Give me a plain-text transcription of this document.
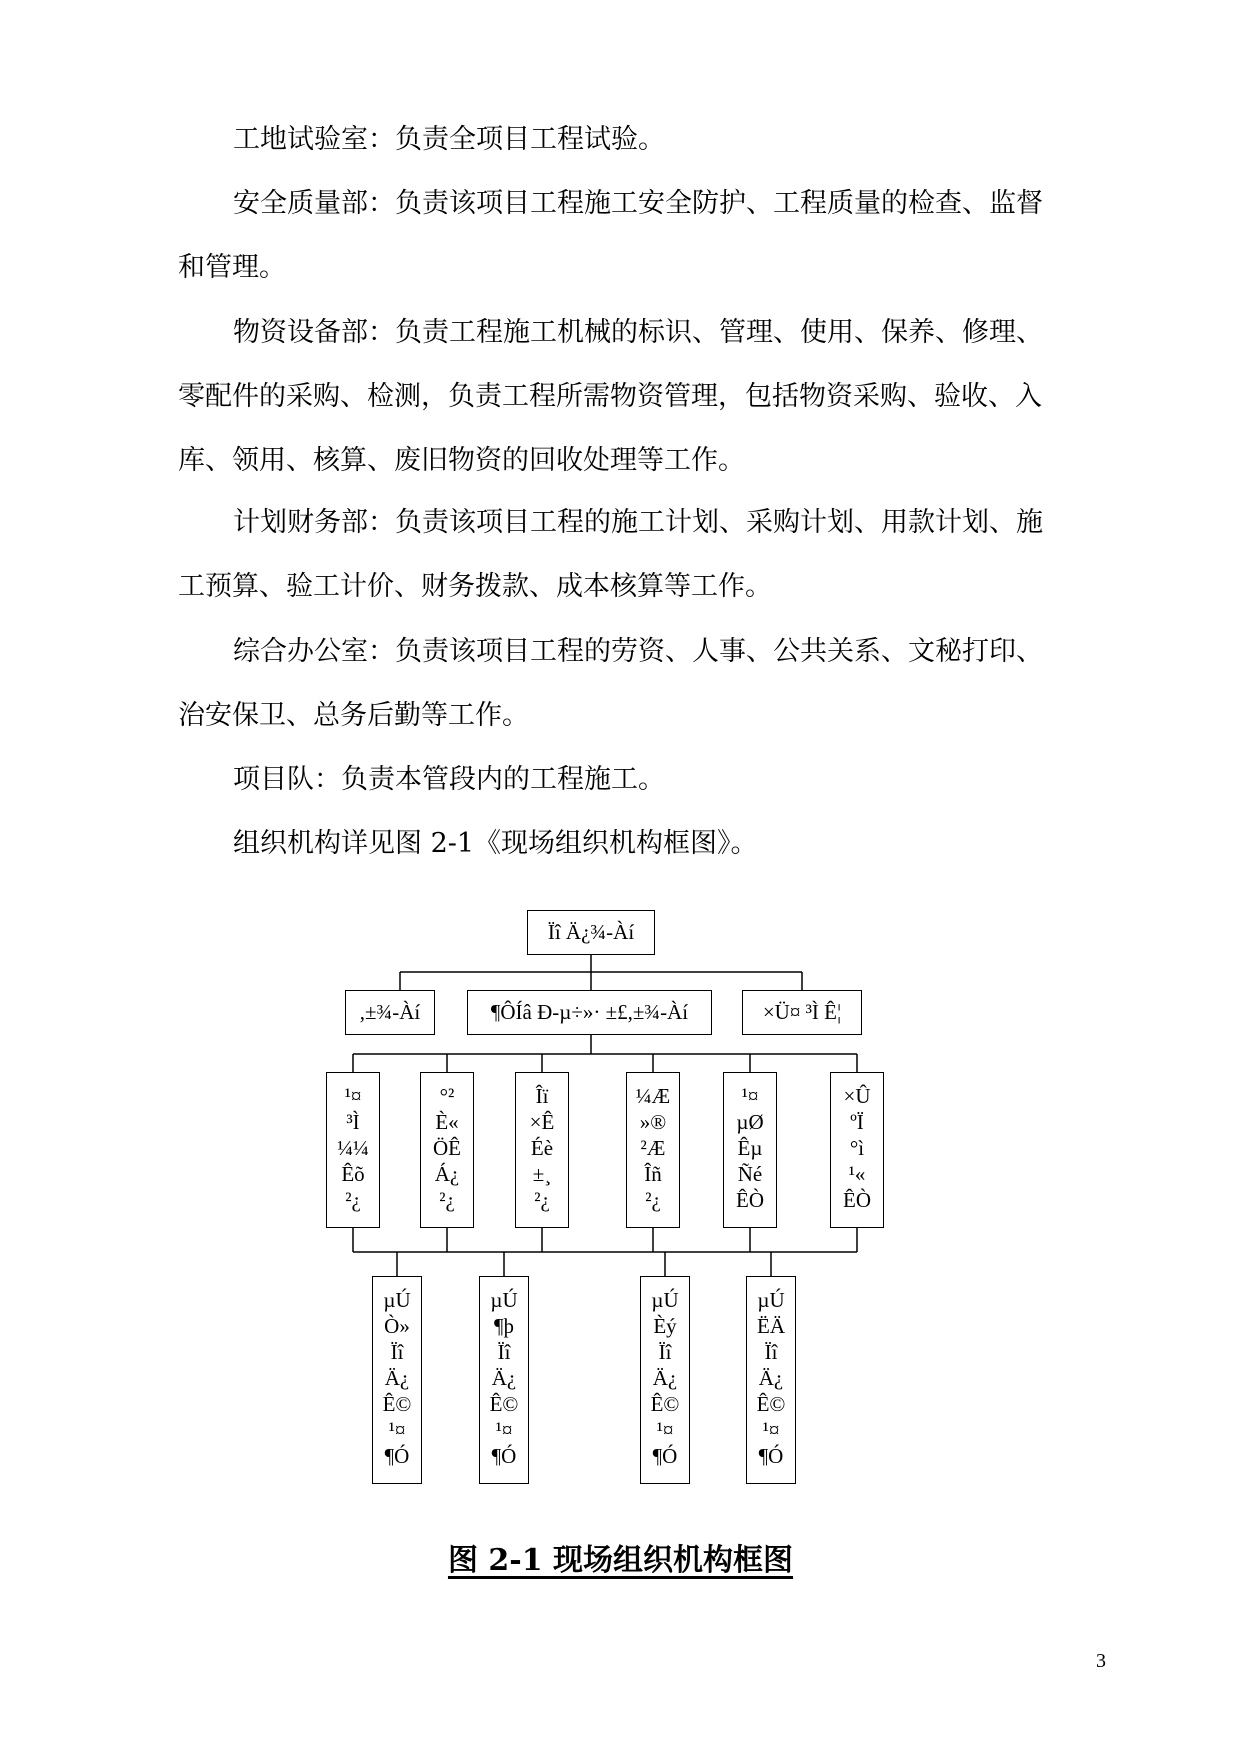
工地试验室：负责全项目工程试验。

安全质量部：负责该项目工程施工安全防护、工程质量的检查、监督
和管理。

物资设备部：负责工程施工机械的标识、管理、使用、保养、修理、
零配件的采购、检测，负责工程所需物资管理，包括物资采购、验收、入
库、领用、核算、废旧物资的回收处理等工作。

计划财务部：负责该项目工程的施工计划、采购计划、用款计划、施
工预算、验工计价、财务拨款、成本核算等工作。

综合办公室：负责该项目工程的劳资、人事、公共关系、文秘打印、
治安保卫、总务后勤等工作。

项目队：负责本管段内的工程施工。

组织机构详见图 2-1《现场组织机构框图》。

Ïî Ä¿¾-Àí
,±¾-Àí	¶ÔÍâ Ð-µ÷»· ±£,±¾-Àí	×Ü¤ ³Ì Ê¦
¹¤
³Ì
¼¼
Êõ
²¿
°²
È«
ÖÊ
Á¿
²¿
Îï
×Ê
Éè
±¸
²¿
¼Æ
»®
²Æ
Îñ
²¿
¹¤
µØ
Êµ
Ñé
ÊÒ
×Û
ºÏ
°ì
¹«
ÊÒ
µÚ
Ò»
Ïî
Ä¿
Ê©
¹¤
¶Ó
µÚ
¶þ
Ïî
Ä¿
Ê©
¹¤
¶Ó
µÚ
Èý
Ïî
Ä¿
Ê©
¹¤
¶Ó
µÚ
ËÄ
Ïî
Ä¿
Ê©
¹¤
¶Ó
图 2-1 现场组织机构框图
3
